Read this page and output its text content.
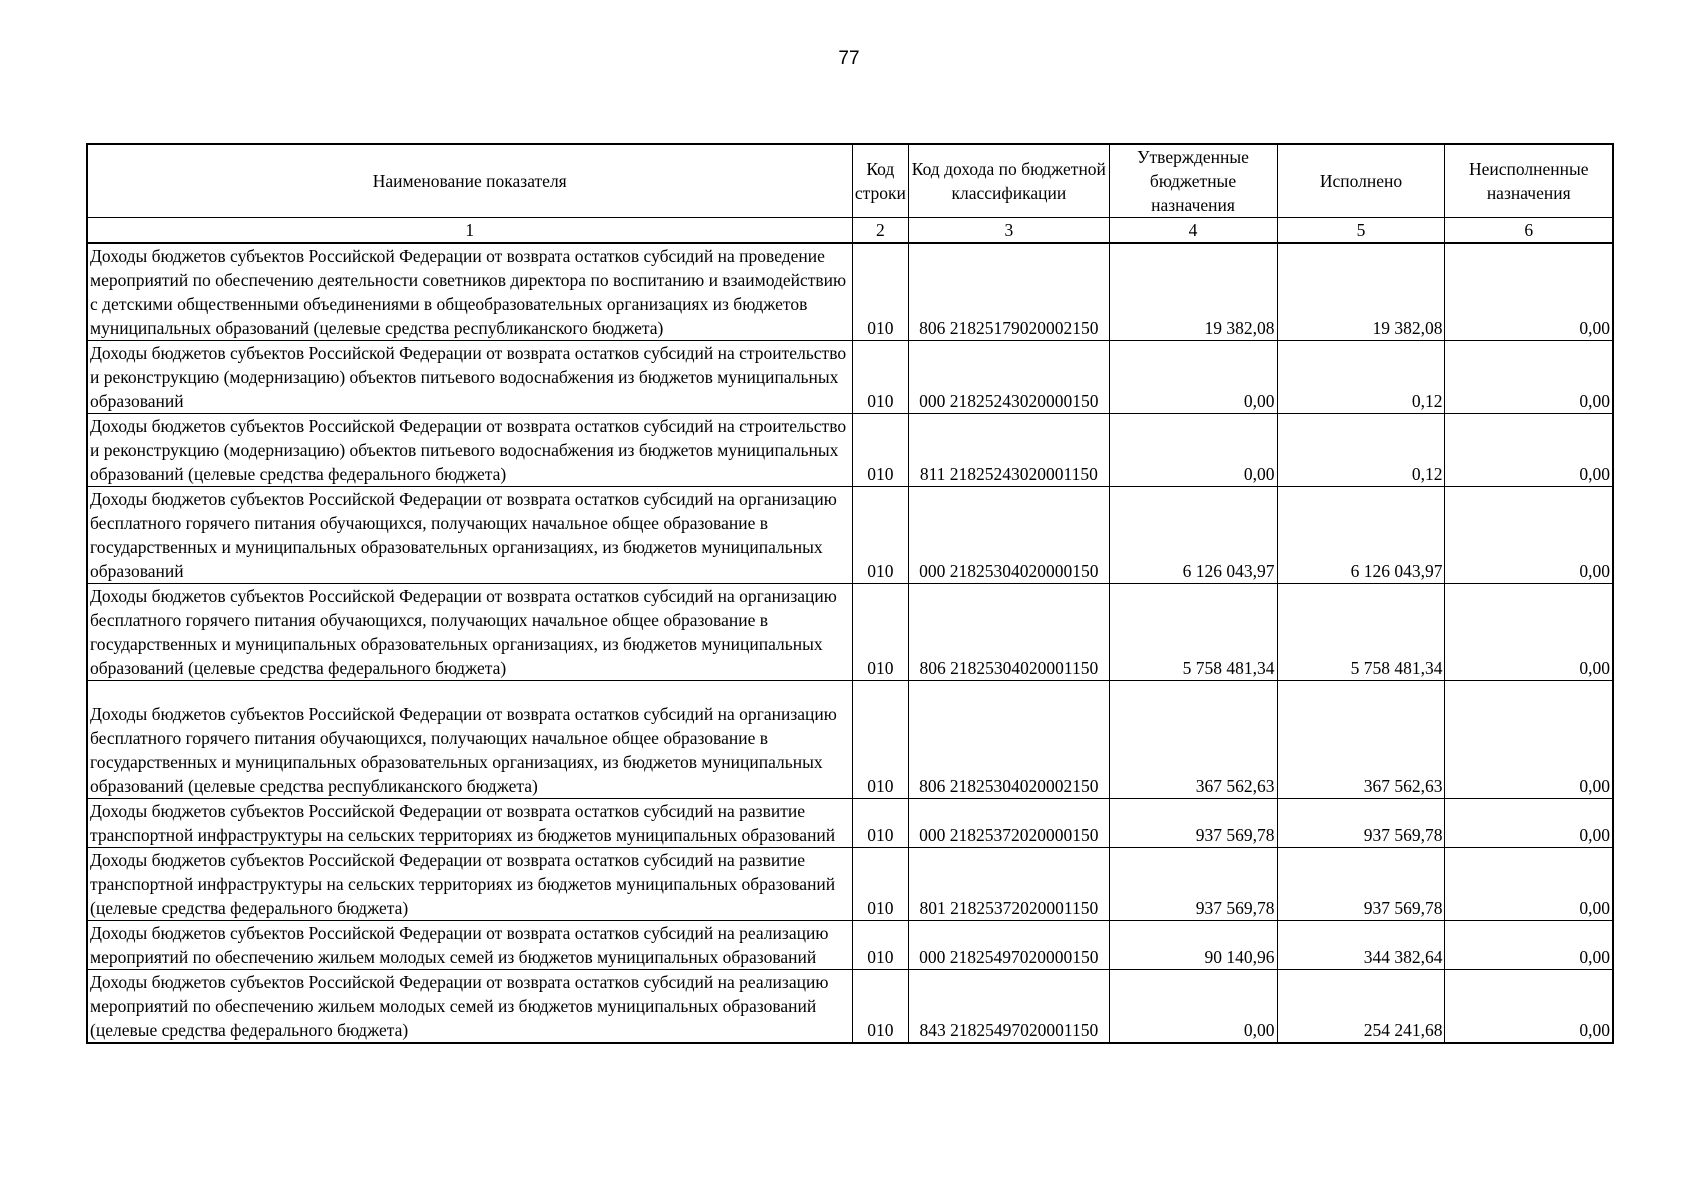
77
Наименование показателя	Код строки	Код дохода по бюджетной классификации	Утвержденные бюджетные назначения	Исполнено	Неисполненные назначения
1	2	3	4	5	6
Доходы бюджетов субъектов Российской Федерации от возврата остатков субсидий на проведение мероприятий по обеспечению деятельности советников директора по воспитанию и взаимодействию с детскими общественными объединениями в общеобразовательных организациях из бюджетов муниципальных образований (целевые средства республиканского бюджета)	010	806 21825179020002150	19 382,08	19 382,08	0,00
Доходы бюджетов субъектов Российской Федерации от возврата остатков субсидий на строительство и реконструкцию (модернизацию) объектов питьевого водоснабжения из бюджетов муниципальных образований	010	000 21825243020000150	0,00	0,12	0,00
Доходы бюджетов субъектов Российской Федерации от возврата остатков субсидий на строительство и реконструкцию (модернизацию) объектов питьевого водоснабжения из бюджетов муниципальных образований (целевые средства федерального бюджета)	010	811 21825243020001150	0,00	0,12	0,00
Доходы бюджетов субъектов Российской Федерации от возврата остатков субсидий на организацию бесплатного горячего питания обучающихся, получающих начальное общее образование в государственных и муниципальных образовательных организациях, из бюджетов муниципальных образований	010	000 21825304020000150	6 126 043,97	6 126 043,97	0,00
Доходы бюджетов субъектов Российской Федерации от возврата остатков субсидий на организацию бесплатного горячего питания обучающихся, получающих начальное общее образование в государственных и муниципальных образовательных организациях, из бюджетов муниципальных образований (целевые средства федерального бюджета)	010	806 21825304020001150	5 758 481,34	5 758 481,34	0,00
Доходы бюджетов субъектов Российской Федерации от возврата остатков субсидий на организацию бесплатного горячего питания обучающихся, получающих начальное общее образование в государственных и муниципальных образовательных организациях, из бюджетов муниципальных образований (целевые средства республиканского бюджета)	010	806 21825304020002150	367 562,63	367 562,63	0,00
Доходы бюджетов субъектов Российской Федерации от возврата остатков субсидий на развитие транспортной инфраструктуры на сельских территориях из бюджетов муниципальных образований	010	000 21825372020000150	937 569,78	937 569,78	0,00
Доходы бюджетов субъектов Российской Федерации от возврата остатков субсидий на развитие транспортной инфраструктуры на сельских территориях из бюджетов муниципальных образований (целевые средства федерального бюджета)	010	801 21825372020001150	937 569,78	937 569,78	0,00
Доходы бюджетов субъектов Российской Федерации от возврата остатков субсидий на реализацию мероприятий по обеспечению жильем молодых семей из бюджетов муниципальных образований	010	000 21825497020000150	90 140,96	344 382,64	0,00
Доходы бюджетов субъектов Российской Федерации от возврата остатков субсидий на реализацию мероприятий по обеспечению жильем молодых семей из бюджетов муниципальных образований (целевые средства федерального бюджета)	010	843 21825497020001150	0,00	254 241,68	0,00
